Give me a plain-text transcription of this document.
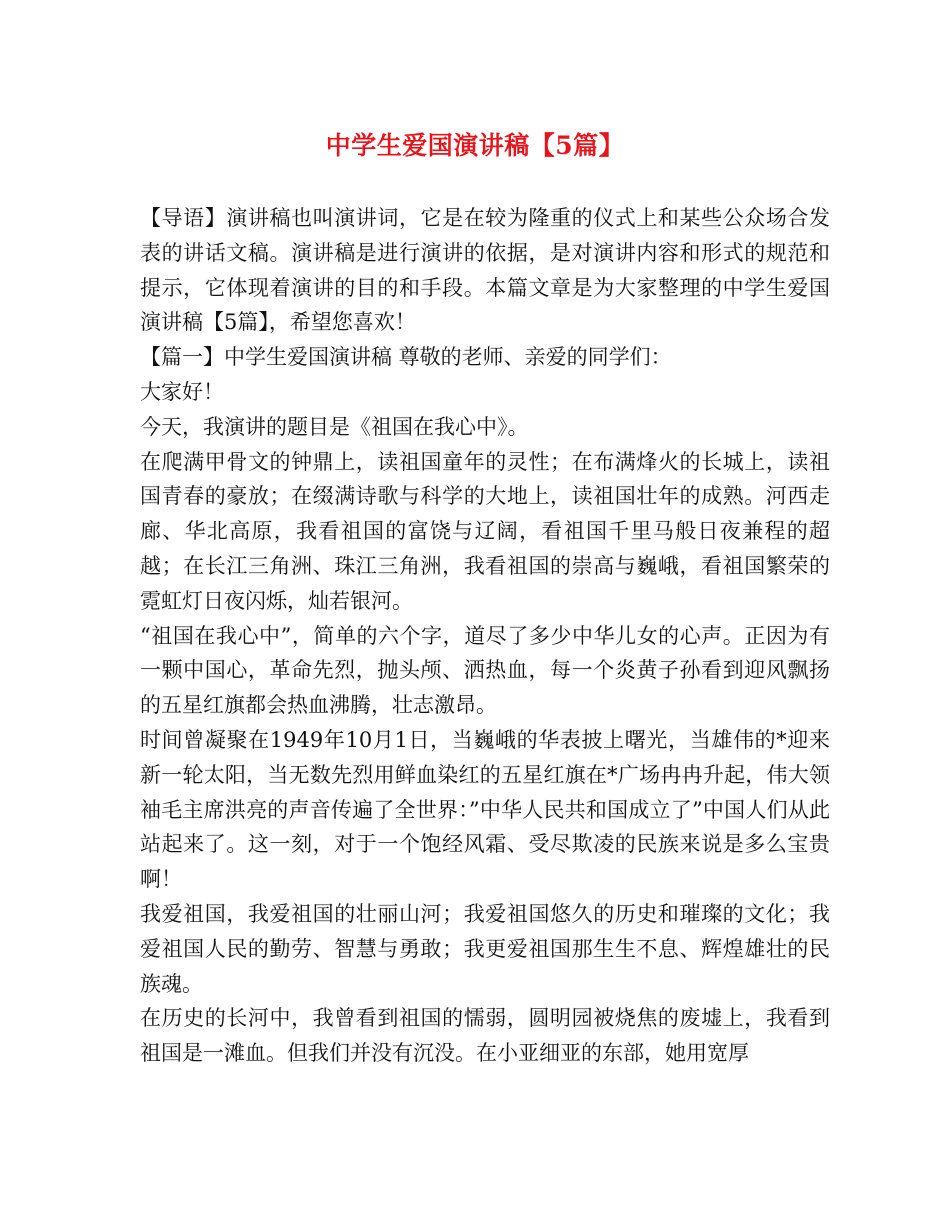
中学生爱国演讲稿【5篇】

【导语】演讲稿也叫演讲词，它是在较为隆重的仪式上和某些公众场合发表的讲话文稿。演讲稿是进行演讲的依据，是对演讲内容和形式的规范和提示，它体现着演讲的目的和手段。本篇文章是为大家整理的中学生爱国演讲稿【5篇】，希望您喜欢！

【篇一】中学生爱国演讲稿 尊敬的老师、亲爱的同学们：

大家好！

今天，我演讲的题目是《祖国在我心中》。

在爬满甲骨文的钟鼎上，读祖国童年的灵性；在布满烽火的长城上，读祖国青春的豪放；在缀满诗歌与科学的大地上，读祖国壮年的成熟。河西走廊、华北高原，我看祖国的富饶与辽阔，看祖国千里马般日夜兼程的超越；在长江三角洲、珠江三角洲，我看祖国的崇高与巍峨，看祖国繁荣的霓虹灯日夜闪烁，灿若银河。

“祖国在我心中”，简单的六个字，道尽了多少中华儿女的心声。正因为有一颗中国心，革命先烈，抛头颅、洒热血，每一个炎黄子孙看到迎风飘扬的五星红旗都会热血沸腾，壮志激昂。

时间曾凝聚在1949年10月1日，当巍峨的华表披上曙光，当雄伟的*迎来新一轮太阳，当无数先烈用鲜血染红的五星红旗在*广场冉冉升起，伟大领袖毛主席洪亮的声音传遍了全世界：”中华人民共和国成立了”中国人们从此站起来了。这一刻，对于一个饱经风霜、受尽欺凌的民族来说是多么宝贵啊！

我爱祖国，我爱祖国的壮丽山河；我爱祖国悠久的历史和璀璨的文化；我爱祖国人民的勤劳、智慧与勇敢；我更爱祖国那生生不息、辉煌雄壮的民族魂。

在历史的长河中，我曾看到祖国的懦弱，圆明园被烧焦的废墟上，我看到祖国是一滩血。但我们并没有沉没。在小亚细亚的东部，她用宽厚
